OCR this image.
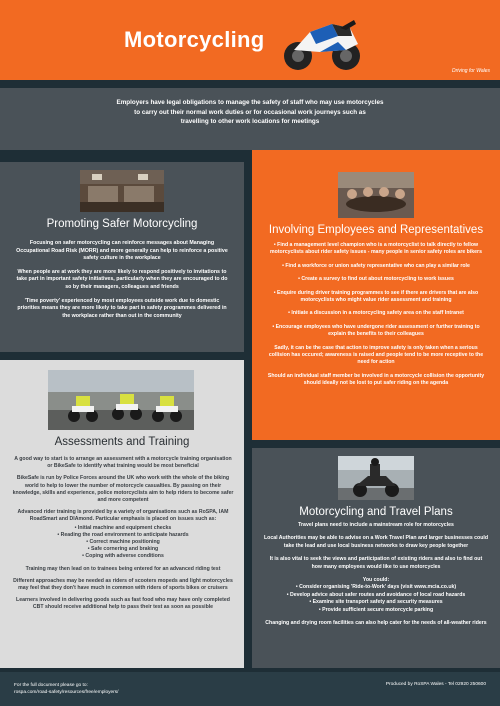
Motorcycling
Driving for Wales
Employers have legal obligations to manage the safety of staff who may use motorcycles
to carry out their normal work duties or for occasional work journeys such as
travelling to other work locations for meetings
Promoting Safer Motorcycling

Focusing on safer motorcycling can reinforce messages about Managing Occupational Road Risk (MORR) and more generally can help to reinforce a positive safety culture in the workplace

When people are at work they are more likely to respond positively to invitations to take part in important safety initiatives, particularly when they are encouraged to do so by their managers, colleagues and friends

'Time poverty' experienced by most employees outside work due to domestic priorities means they are more likely to take part in safety programmes delivered in the workplace rather than out in the community

Involving Employees and Representatives

• Find a management level champion who is a motorcyclist to talk directly to fellow motorcyclists about rider safety issues - many people in senior safety roles are bikers

• Find a workforce or union safety representative who can play a similar role

• Create a survey to find out about motorcycling to work issues

• Enquire during driver training programmes to see if there are drivers that are also motorcyclists who might value rider assessment and training

• Initiate a discussion in a motorcycling safety area on the staff Intranet

• Encourage employees who have undergone rider assessment or further training to explain the benefits to their colleagues

Sadly, it can be the case that action to improve safety is only taken when a serious collision has occured; awareness is raised and people tend to be more receptive to the need for action

Should an individual staff member be involved in a motorcycle collision the opportunity should ideally not be lost to put safer riding on the agenda

Assessments and Training

A good way to start is to arrange an assessment with a motorcycle training organisation or BikeSafe to identify what training would be most beneficial

BikeSafe is run by Police Forces around the UK who work with the whole of the biking world to help to lower the number of motorcycle casualties. By passing on their knowledge, skills and experience, police motorcyclists aim to help riders to become safer and more competent

Advanced rider training is provided by a variety of organisations such as RoSPA, IAM RoadSmart and DIAmond. Particular emphasis is placed on issues such as:

• Initial machine and equipment checks
• Reading the road environment to anticipate hazards
• Correct machine positioning
• Safe cornering and braking
• Coping with adverse conditions

Training may then lead on to trainees being entered for an advanced riding test

Different approaches may be needed as riders of scooters mopeds and light motorcycles may feel that they don't have much in common with riders of sports bikes or cruisers

Learners involved in delivering goods such as fast food who may have only completed CBT should receive additional help to pass their test as soon as possible

Motorcycling and Travel Plans

Travel plans need to include a mainstream role for motorcycles

Local Authorities may be able to advise on a Work Travel Plan and larger businesses could take the lead and use local business networks to draw key people together

It is also vital to seek the views and participation of existing riders and also to find out how many employees would like to use motorcycles

You could:
• Consider organising 'Ride-to-Work' days (visit www.mcia.co.uk)
• Develop advice about safer routes and avoidance of local road hazards
• Examine site transport safety and security measures
• Provide sufficient secure motorcycle parking

Changing and drying room facilities can also help cater for the needs of all-weather riders

For the full document please go to:
rospa.com/road-safety/resources/free/employers/
Produced by RoSPA Wales - Tel 02920 250600
